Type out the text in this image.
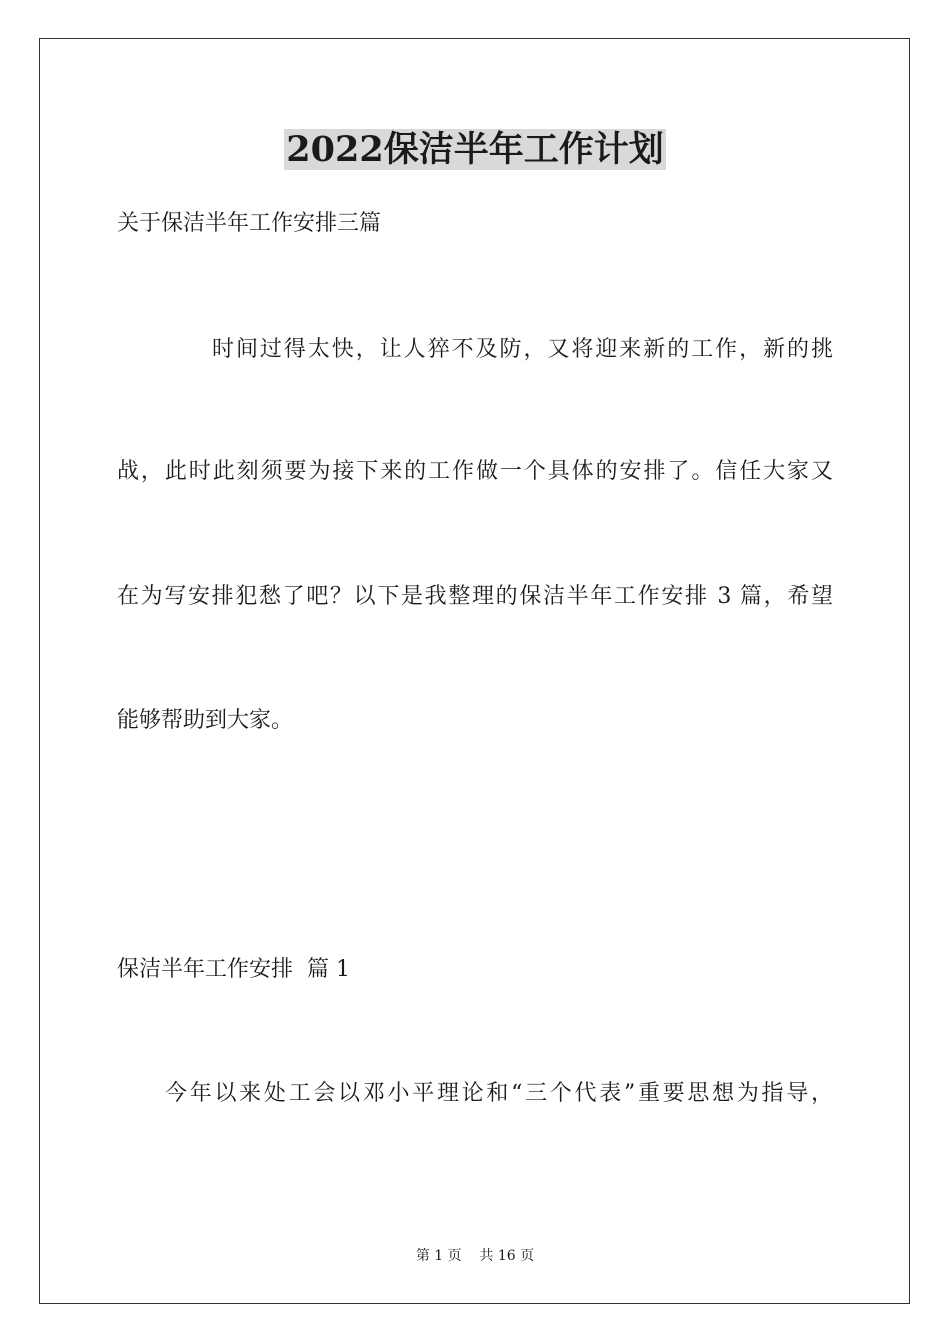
2022保洁半年工作计划
关于保洁半年工作安排三篇
时间过得太快，让人猝不及防，又将迎来新的工作，新的挑
战，此时此刻须要为接下来的工作做一个具体的安排了。信任大家又
在为写安排犯愁了吧？以下是我整理的保洁半年工作安排 3 篇，希望
能够帮助到大家。
保洁半年工作安排  篇 1
今年以来处工会以邓小平理论和“三个代表”重要思想为指导，
第 1 页    共 16 页
